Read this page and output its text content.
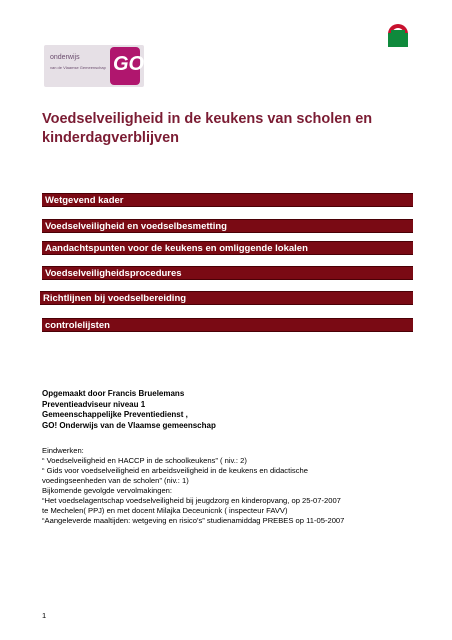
onderwijs
van de Vlaamse Gemeenschap GO!
Voedselveiligheid in de keukens van scholen en kinderdagverblijven
Wetgevend kader
Voedselveiligheid en voedselbesmetting
Aandachtspunten voor de keukens en omliggende lokalen
Voedselveiligheidsprocedures
Richtlijnen bij voedselbereiding
controlelijsten
Opgemaakt door Francis Bruelemans
Preventieadviseur niveau 1
Gemeenschappelijke Preventiedienst ,
GO! Onderwijs van de Vlaamse gemeenschap
Eindwerken:
“ Voedselveiligheid en HACCP in de schoolkeukens” ( niv.: 2)
“ Gids voor voedselveiligheid en arbeidsveiligheid in de keukens en didactische
voedingseenheden van de scholen” (niv.: 1)
Bijkomende gevolgde vervolmakingen:
“Het voedselagentschap voedselveiligheid bij jeugdzorg en kinderopvang, op 25-07-2007
te Mechelen( PPJ) en met docent Milajka Deceunicnk ( inspecteur FAVV)
“Aangeleverde maaltijden: wetgeving en risico’s” studienamiddag PREBES op 11-05-2007
1
